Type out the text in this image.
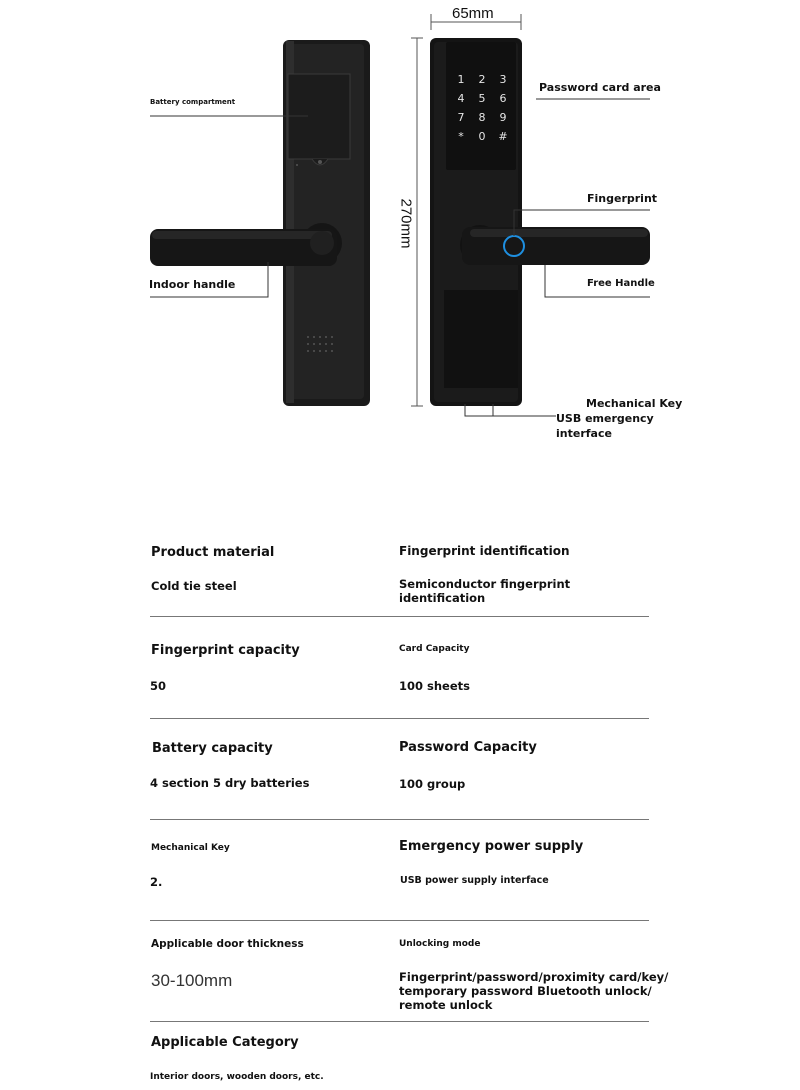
1 2 3
4 5 6
7 8 9
* 0 #
65mm
270mm
Battery compartment
Indoor handle
Password card area
Fingerprint
Free Handle
Mechanical Key
USB emergency
interface
Product material
Cold tie steel
Fingerprint identification
Semiconductor fingerprint
identification
Fingerprint capacity
50
Card Capacity
100 sheets
Battery capacity
4 section 5 dry batteries
Password Capacity
100 group
Mechanical Key
2.
Emergency power supply
USB power supply interface
Applicable door thickness
30-100mm
Unlocking mode
Fingerprint/password/proximity card/key/
temporary password Bluetooth unlock/
remote unlock
Applicable Category
Interior doors, wooden doors, etc.
